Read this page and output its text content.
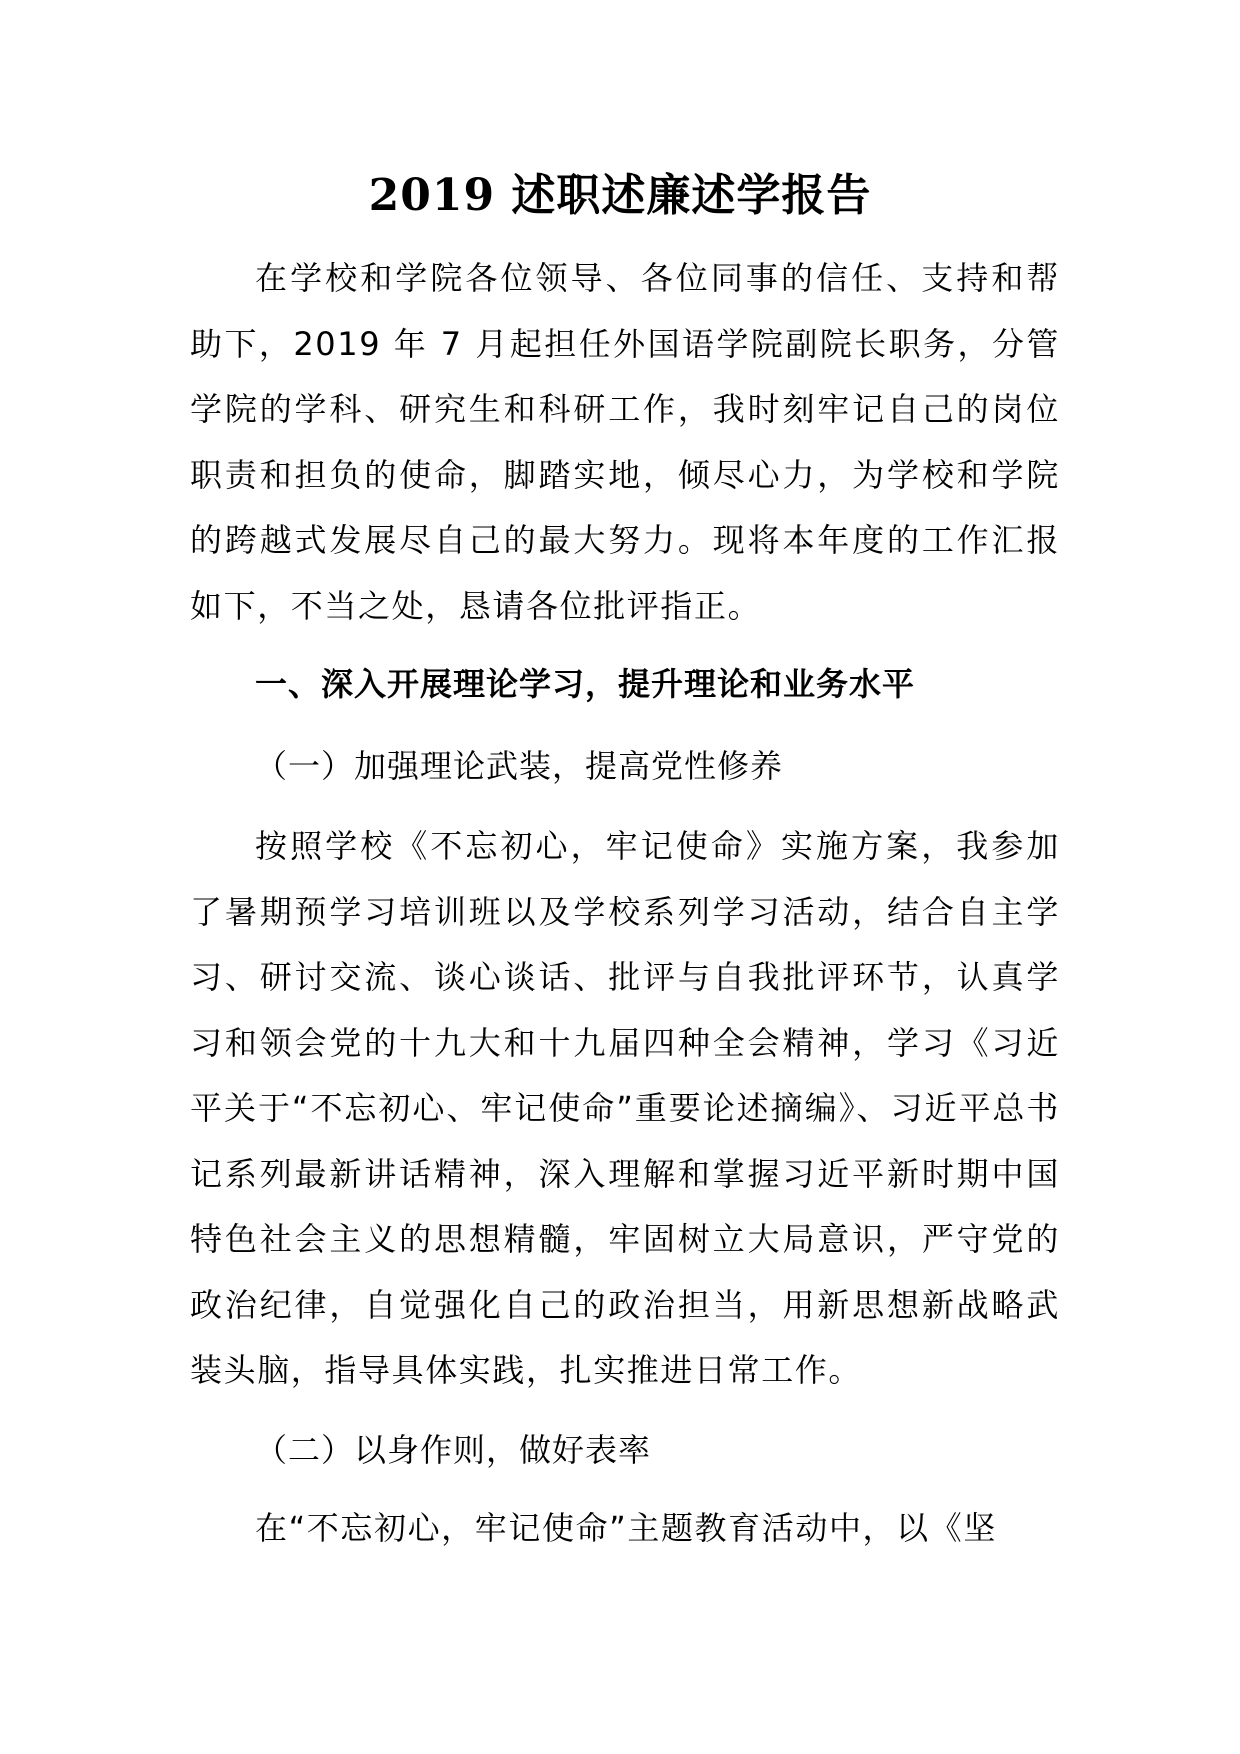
2019 述职述廉述学报告

在学校和学院各位领导、各位同事的信任、支持和帮助下，2019 年 7 月起担任外国语学院副院长职务，分管学院的学科、研究生和科研工作，我时刻牢记自己的岗位职责和担负的使命，脚踏实地，倾尽心力，为学校和学院的跨越式发展尽自己的最大努力。现将本年度的工作汇报如下，不当之处，恳请各位批评指正。

一、深入开展理论学习，提升理论和业务水平

（一）加强理论武装，提高党性修养

按照学校《不忘初心，牢记使命》实施方案，我参加了暑期预学习培训班以及学校系列学习活动，结合自主学习、研讨交流、谈心谈话、批评与自我批评环节，认真学习和领会党的十九大和十九届四种全会精神，学习《习近平关于“不忘初心、牢记使命”重要论述摘编》、习近平总书记系列最新讲话精神，深入理解和掌握习近平新时期中国特色社会主义的思想精髓，牢固树立大局意识，严守党的政治纪律，自觉强化自己的政治担当，用新思想新战略武装头脑，指导具体实践，扎实推进日常工作。

（二）以身作则，做好表率

在“不忘初心，牢记使命”主题教育活动中，以《坚
